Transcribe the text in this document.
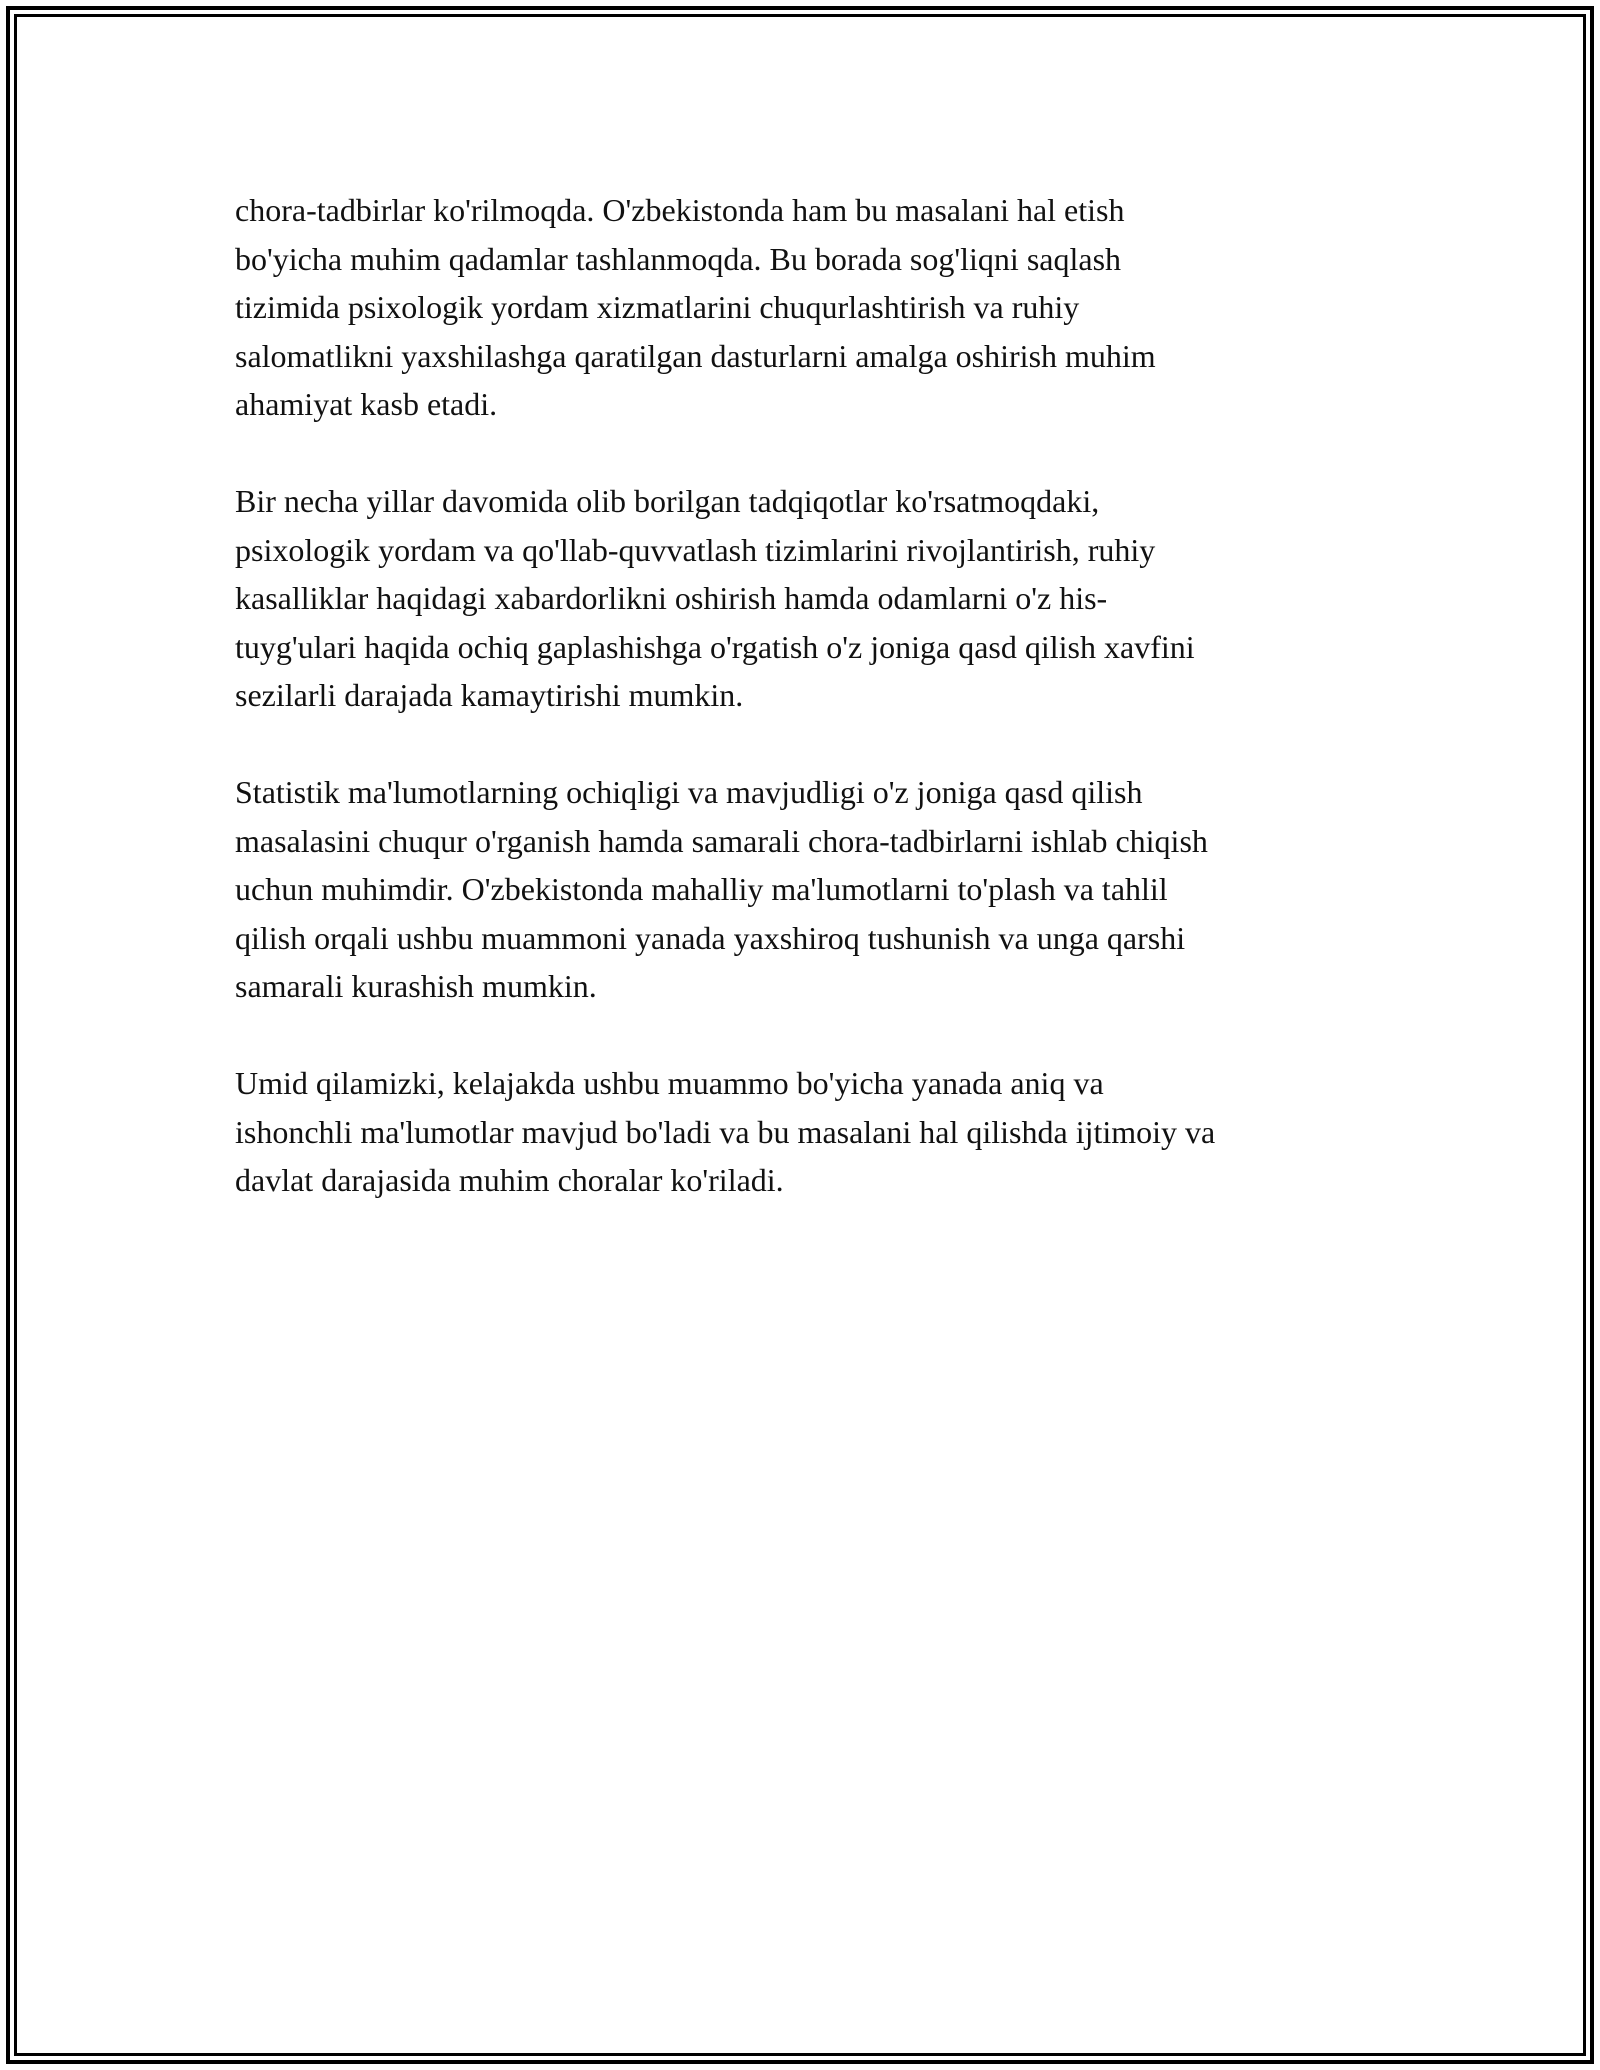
chora-tadbirlar ko'rilmoqda. O'zbekistonda ham bu masalani hal etish
bo'yicha muhim qadamlar tashlanmoqda. Bu borada sog'liqni saqlash
tizimida psixologik yordam xizmatlarini chuqurlashtirish va ruhiy
salomatlikni yaxshilashga qaratilgan dasturlarni amalga oshirish muhim
ahamiyat kasb etadi.

Bir necha yillar davomida olib borilgan tadqiqotlar ko'rsatmoqdaki,
psixologik yordam va qo'llab-quvvatlash tizimlarini rivojlantirish, ruhiy
kasalliklar haqidagi xabardorlikni oshirish hamda odamlarni o'z his-
tuyg'ulari haqida ochiq gaplashishga o'rgatish o'z joniga qasd qilish xavfini
sezilarli darajada kamaytirishi mumkin.

Statistik ma'lumotlarning ochiqligi va mavjudligi o'z joniga qasd qilish
masalasini chuqur o'rganish hamda samarali chora-tadbirlarni ishlab chiqish
uchun muhimdir. O'zbekistonda mahalliy ma'lumotlarni to'plash va tahlil
qilish orqali ushbu muammoni yanada yaxshiroq tushunish va unga qarshi
samarali kurashish mumkin.

Umid qilamizki, kelajakda ushbu muammo bo'yicha yanada aniq va
ishonchli ma'lumotlar mavjud bo'ladi va bu masalani hal qilishda ijtimoiy va
davlat darajasida muhim choralar ko'riladi.
